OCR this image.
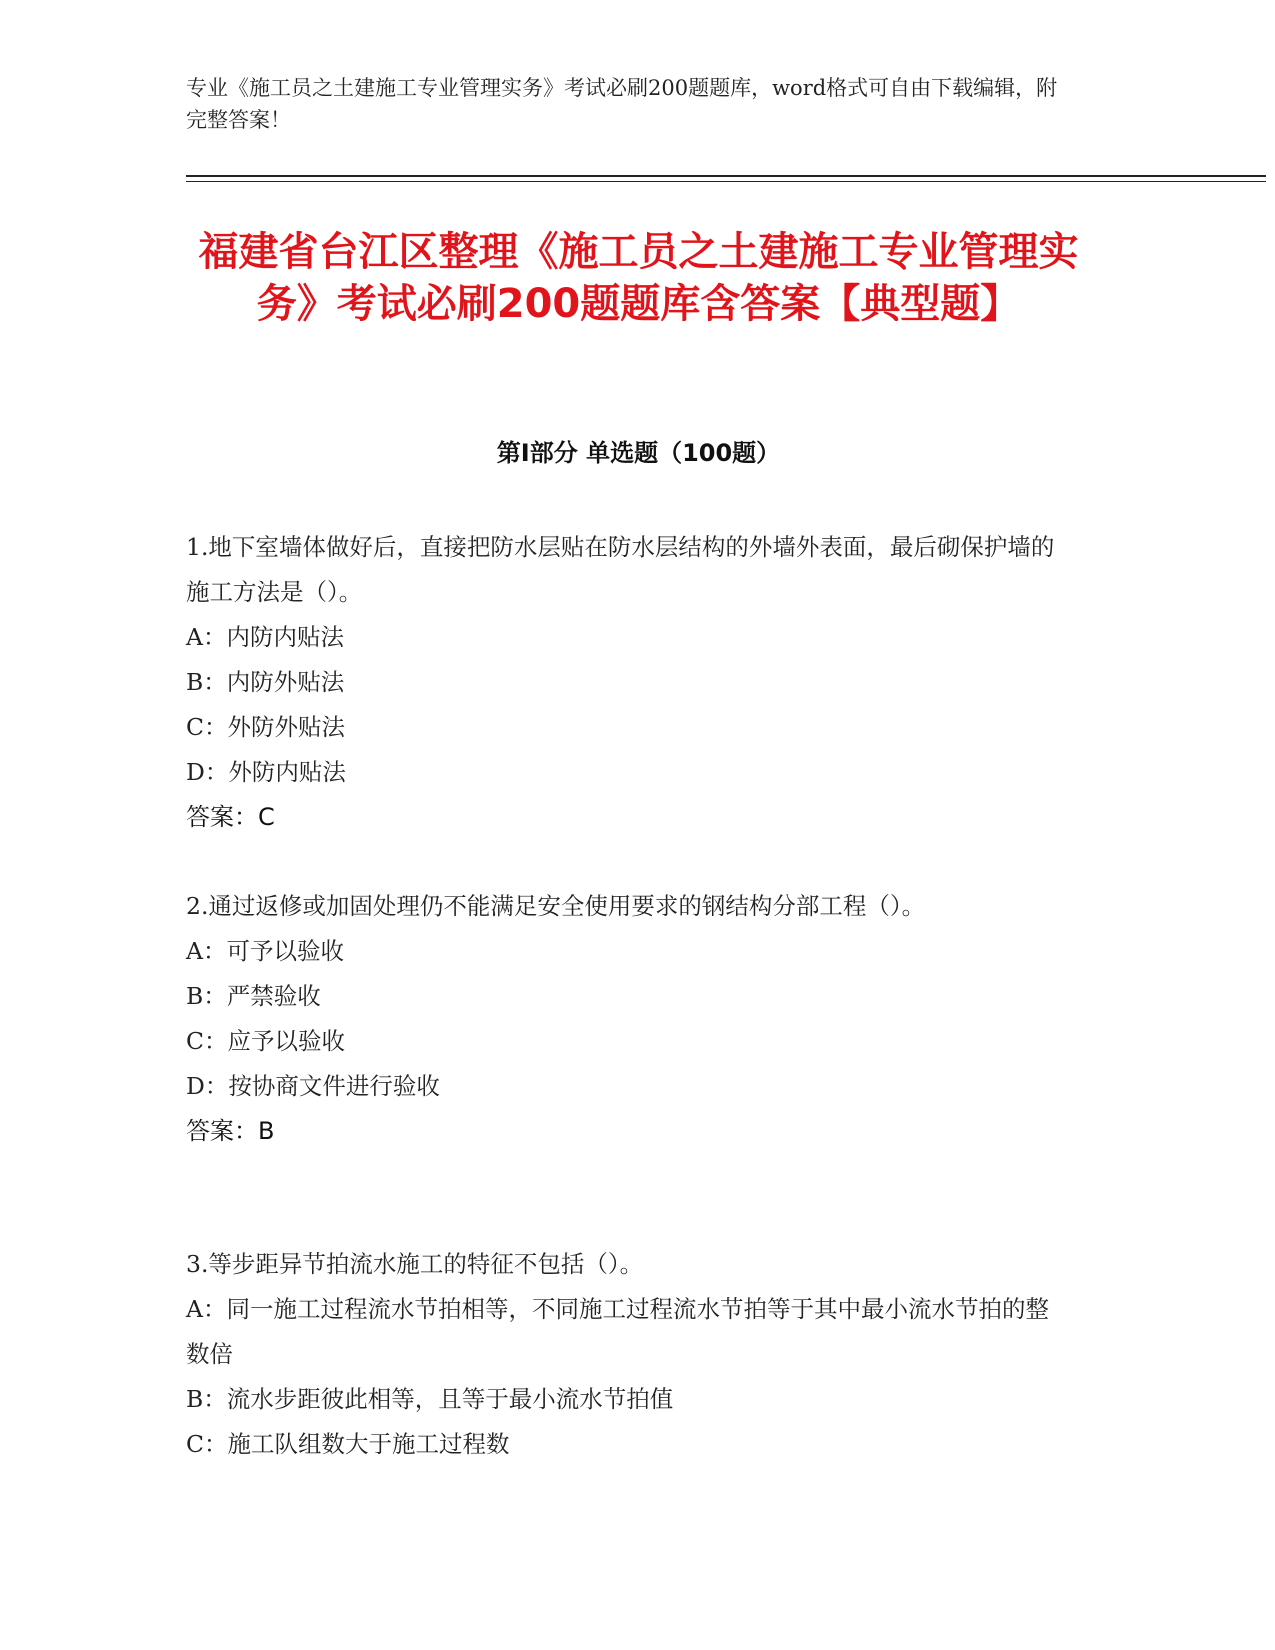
专业《施工员之土建施工专业管理实务》考试必刷200题题库，word格式可自由下载编辑，附完整答案！
福建省台江区整理《施工员之土建施工专业管理实务》考试必刷200题题库含答案【典型题】
第Ⅰ部分 单选题（100题）
1.地下室墙体做好后，直接把防水层贴在防水层结构的外墙外表面，最后砌保护墙的施工方法是（）。
A：内防内贴法
B：内防外贴法
C：外防外贴法
D：外防内贴法
答案：C
2.通过返修或加固处理仍不能满足安全使用要求的钢结构分部工程（）。
A：可予以验收
B：严禁验收
C：应予以验收
D：按协商文件进行验收
答案：B
3.等步距异节拍流水施工的特征不包括（）。
A：同一施工过程流水节拍相等，不同施工过程流水节拍等于其中最小流水节拍的整数倍
B：流水步距彼此相等，且等于最小流水节拍值
C：施工队组数大于施工过程数
